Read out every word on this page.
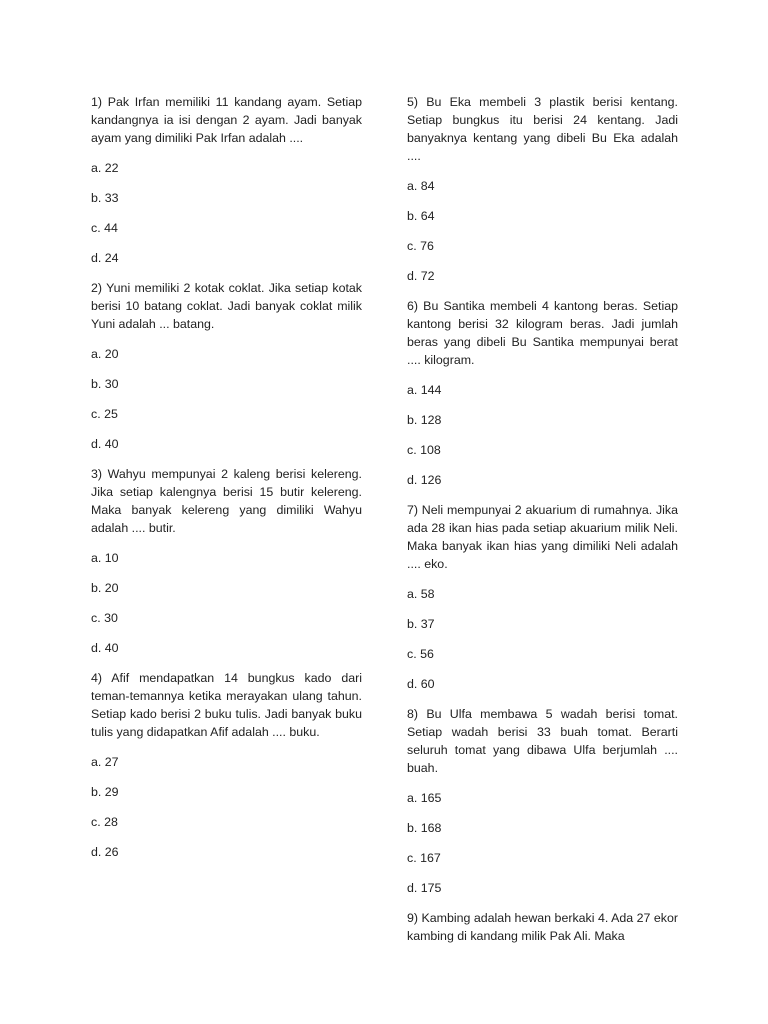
1) Pak Irfan memiliki 11 kandang ayam. Setiap kandangnya ia isi dengan 2 ayam. Jadi banyak ayam yang dimiliki Pak Irfan adalah ....
a. 22
b. 33
c. 44
d. 24
2) Yuni memiliki 2 kotak coklat. Jika setiap kotak berisi 10 batang coklat. Jadi banyak coklat milik Yuni adalah ... batang.
a. 20
b. 30
c. 25
d. 40
3) Wahyu mempunyai 2 kaleng berisi kelereng. Jika setiap kalengnya berisi 15 butir kelereng. Maka banyak kelereng yang dimiliki Wahyu adalah .... butir.
a. 10
b. 20
c. 30
d. 40
4) Afif mendapatkan 14 bungkus kado dari teman-temannya ketika merayakan ulang tahun. Setiap kado berisi 2 buku tulis. Jadi banyak buku tulis yang didapatkan Afif adalah .... buku.
a. 27
b. 29
c. 28
d. 26
5) Bu Eka membeli 3 plastik berisi kentang. Setiap bungkus itu berisi 24 kentang. Jadi banyaknya kentang yang dibeli Bu Eka adalah ....
a. 84
b. 64
c. 76
d. 72
6) Bu Santika membeli 4 kantong beras. Setiap kantong berisi 32 kilogram beras. Jadi jumlah beras yang dibeli Bu Santika mempunyai berat .... kilogram.
a. 144
b. 128
c. 108
d. 126
7) Neli mempunyai 2 akuarium di rumahnya. Jika ada 28 ikan hias pada setiap akuarium milik Neli. Maka banyak ikan hias yang dimiliki Neli adalah .... eko.
a. 58
b. 37
c. 56
d. 60
8) Bu Ulfa membawa 5 wadah berisi tomat. Setiap wadah berisi 33 buah tomat. Berarti seluruh tomat yang dibawa Ulfa berjumlah .... buah.
a. 165
b. 168
c. 167
d. 175
9) Kambing adalah hewan berkaki 4. Ada 27 ekor kambing di kandang milik Pak Ali. Maka
